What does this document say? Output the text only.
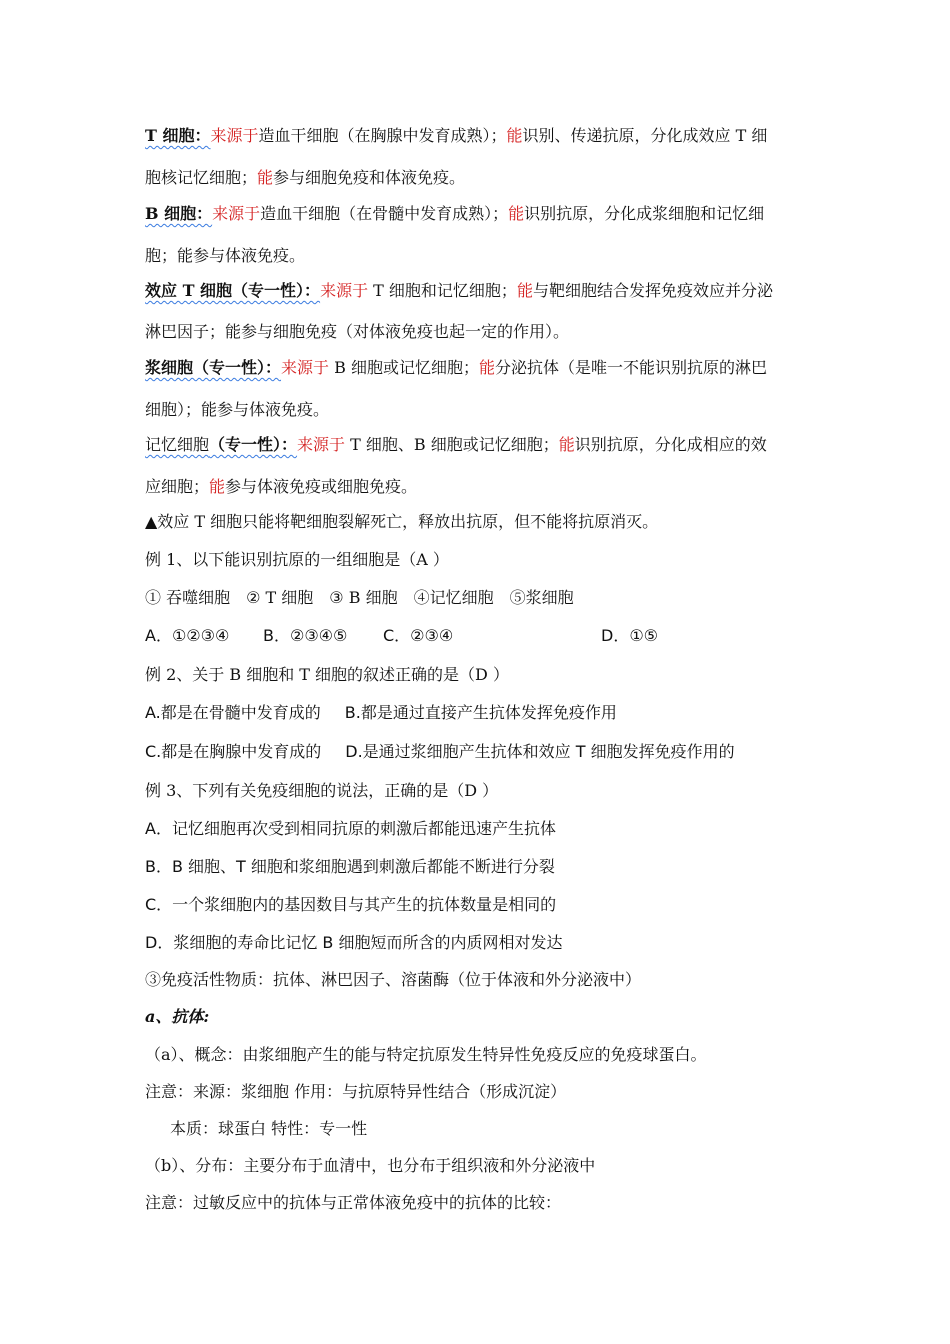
T 细胞：来源于造血干细胞（在胸腺中发育成熟）；能识别、传递抗原，分化成效应 T 细
胞核记忆细胞；能参与细胞免疫和体液免疫。
B 细胞：来源于造血干细胞（在骨髓中发育成熟）；能识别抗原，分化成浆细胞和记忆细
胞；能参与体液免疫。
效应 T 细胞（专一性）：来源于 T 细胞和记忆细胞；能与靶细胞结合发挥免疫效应并分泌
淋巴因子；能参与细胞免疫（对体液免疫也起一定的作用）。
浆细胞（专一性）：来源于 B 细胞或记忆细胞；能分泌抗体（是唯一不能识别抗原的淋巴
细胞）；能参与体液免疫。
记忆细胞（专一性）：来源于 T 细胞、B 细胞或记忆细胞；能识别抗原，分化成相应的效
应细胞；能参与体液免疫或细胞免疫。
▲效应 T 细胞只能将靶细胞裂解死亡，释放出抗原，但不能将抗原消灭。
例 1、以下能识别抗原的一组细胞是（A ）
① 吞噬细胞 ② T 细胞 ③ B 细胞 ④记忆细胞 ⑤浆细胞
A．①②③④ B．②③④⑤ C．②③④	D．①⑤
例 2、关于 B 细胞和 T 细胞的叙述正确的是（D ）
A.都是在骨髓中发育成的 B.都是通过直接产生抗体发挥免疫作用
C.都是在胸腺中发育成的 D.是通过浆细胞产生抗体和效应 T 细胞发挥免疫作用的
例 3、下列有关免疫细胞的说法，正确的是（D ）
A．记忆细胞再次受到相同抗原的刺激后都能迅速产生抗体
B．B 细胞、T 细胞和浆细胞遇到刺激后都能不断进行分裂
C．一个浆细胞内的基因数目与其产生的抗体数量是相同的
D．浆细胞的寿命比记忆 B 细胞短而所含的内质网相对发达
③免疫活性物质：抗体、淋巴因子、溶菌酶（位于体液和外分泌液中）
a、抗体:
（a）、概念：由浆细胞产生的能与特定抗原发生特异性免疫反应的免疫球蛋白。
注意：来源：浆细胞 作用：与抗原特异性结合（形成沉淀）
本质：球蛋白 特性：专一性
（b）、分布：主要分布于血清中，也分布于组织液和外分泌液中
注意：过敏反应中的抗体与正常体液免疫中的抗体的比较：
